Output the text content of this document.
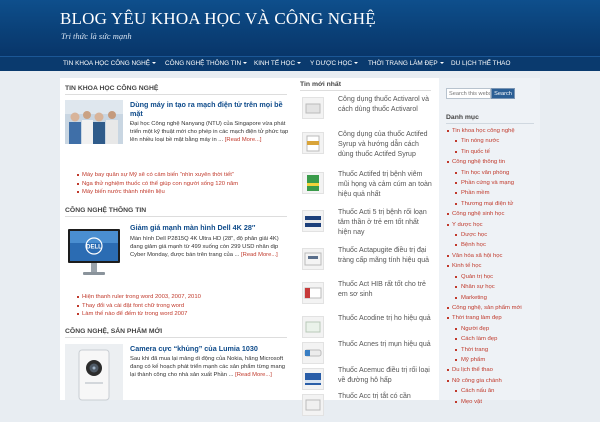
BLOG YÊU KHOA HỌC VÀ CÔNG NGHỆ
Tri thức là sức mạnh
TIN KHOA HỌC CÔNG NGHỆ	CÔNG NGHỆ THÔNG TIN	KINH TẾ HỌC	Y DƯỢC HỌC	THỜI TRANG LÀM ĐẸP	DU LỊCH THỂ THAO
TIN KHOA HỌC CÔNG NGHỆ
Dùng máy in tạo ra mạch điện tử trên mọi bề mặt
Đại học Công nghệ Nanyang (NTU) của Singapore vừa phát triển một kỹ thuật mới cho phép in các mạch điện tử phức tạp lên nhiều loại bề mặt bằng máy in ... [Read More...]
Máy bay quân sự Mỹ sẽ có cảm biến “nhìn xuyên thời tiết”
Nga thử nghiệm thuốc có thể giúp con người sống 120 năm
Máy biến nước thành nhiên liệu
CÔNG NGHỆ THÔNG TIN
DELL
Giảm giá mạnh màn hình Dell 4K 28″
Màn hình Dell P2815Q 4K Ultra HD (28″, độ phân giải 4K) đang giảm giá mạnh từ 499 xuống còn 299 USD nhân dịp Cyber Monday, được bán trên trang của ... [Read More...]
Hiện thanh ruler trong word 2003, 2007, 2010
Thay đổi và cài đặt font chữ trong word
Làm thế nào để đếm từ trong word 2007
CÔNG NGHỆ, SẢN PHẨM MỚI
Camera cực “khủng” của Lumia 1030
Sau khi đã mua lại mảng di động của Nokia, hãng Microsoft đang có kế hoạch phát triển mạnh các sản phẩm từng mang lại thành công cho nhà sản xuất Phần ... [Read More...]
Tin mới nhất
Công dụng thuốc Activarol và cách dùng thuốc Activarol
Công dụng của thuốc Actifed Syrup và hướng dẫn cách dùng thuốc Actifed Syrup
Thuốc Actifed trị bệnh viêm mũi họng và cảm cúm an toàn hiệu quả nhất
Thuốc Acti 5 trị bệnh rối loạn tăm thần ở trẻ em tốt nhất hiện nay
Thuốc Actapugite điều trị đại tràng cấp mãng tính hiệu quả
Thuốc Act HIB rất tốt cho trẻ em sơ sinh
Thuốc Acodine trị ho hiệu quả
Thuốc Acnes trị mụn hiệu quả
Thuốc Acemuc điều trị rối loại về đường hô hấp
Thuốc Acc trị tắt có cần
Search this website...
Search
Danh mục
Tin khoa học công nghệ
Tin nóng nước
Tin quốc tế
Công nghệ thông tin
Tin học văn phòng
Phần cứng và mạng
Phần mềm
Thương mại điện tử
Công nghệ sinh học
Y dược học
Dược học
Bệnh học
Văn hóa xã hội học
Kinh tế học
Quản trị học
Nhân sự học
Marketing
Công nghệ, sản phẩm mới
Thời trang làm đẹp
Người đẹp
Cách làm đẹp
Thời trang
Mỹ phẩm
Du lịch thể thao
Nữ công gia chánh
Cách nấu ăn
Mẹo vặt
